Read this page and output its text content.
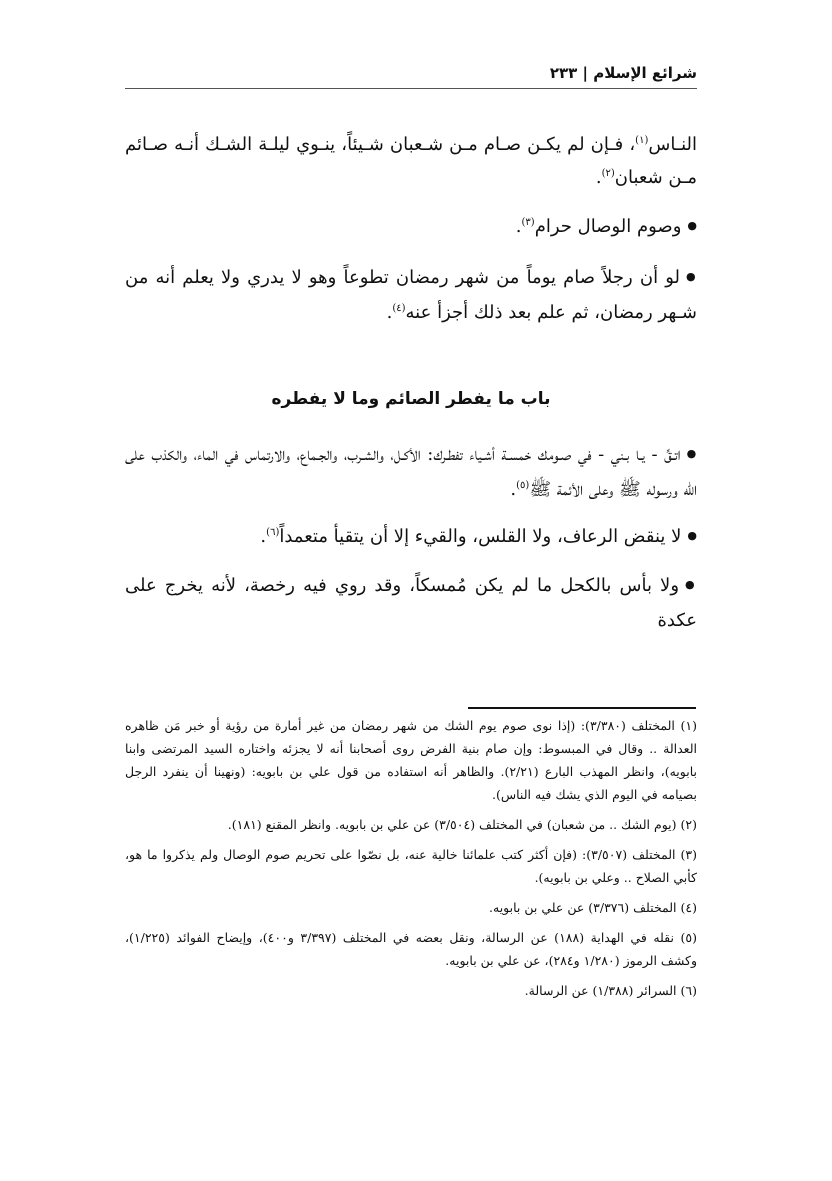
شرائع الإسلام | ٢٣٣

النـاس$^{(١)}$، فـإن لم يكـن صـام مـن شـعبان شـيئاً، ينـوي ليلـة الشـك أنـه صـائم مـن شعبان$^{(٢)}$.

● وصوم الوصال حرام$^{(٣)}$.

● لو أن رجلاً صام يوماً من شهر رمضان تطوعاً وهو لا يدري ولا يعلم أنه من شـهر رمضان، ثم علم بعد ذلك أجزأ عنه$^{(٤)}$.

باب ما يفطر الصائم وما لا يفطره

● اتـقِّ - يـا بـني - في صـومك خمسـة أشـياء تفطـرك: الأكـل، والشـرب، والجـماع، والارتماس في الماء، والكذب على الله ورسوله ﷺ وعلى الأئمة ﷺ$^{(٥)}$.

● لا ينقض الرعاف، ولا القلس، والقيء إلا أن يتقيأ متعمداً$^{(٦)}$.

● ولا بأس بالكحل ما لم يكن مُمسكاً، وقد روي فيه رخصة، لأنه يخرج على عكدة

(١) المختلف (٣/٣٨٠): (إذا نوى صوم يوم الشك من شهر رمضان من غير أمارة من رؤية أو خبر مَن ظاهره العدالة .. وقال في المبسوط: وإن صام بنية الفرض روى أصحابنا أنه لا يجزئه واختاره السيد المرتضى وابنا بابويه)، وانظر المهذب البارع (٢/٢١). والظاهر أنه استفاده من قول علي بن بابويه: (ونهينا أن ينفرد الرجل بصيامه في اليوم الذي يشك فيه الناس).

(٢) (يوم الشك .. من شعبان) في المختلف (٣/٥٠٤) عن علي بن بابويه. وانظر المقنع (١٨١).

(٣) المختلف (٣/٥٠٧): (فإن أكثر كتب علمائنا خالية عنه، بل نصّوا على تحريم صوم الوصال ولم يذكروا ما هو، كأبي الصلاح .. وعلي بن بابويه).

(٤) المختلف (٣/٣٧٦) عن علي بن بابويه.

(٥) نقله في الهداية (١٨٨) عن الرسالة، ونقل بعضه في المختلف (٣/٣٩٧ و٤٠٠)، وإيضاح الفوائد (١/٢٢٥)، وكشف الرموز (١/٢٨٠ و٢٨٤)، عن علي بن بابويه.

(٦) السرائر (١/٣٨٨) عن الرسالة.
